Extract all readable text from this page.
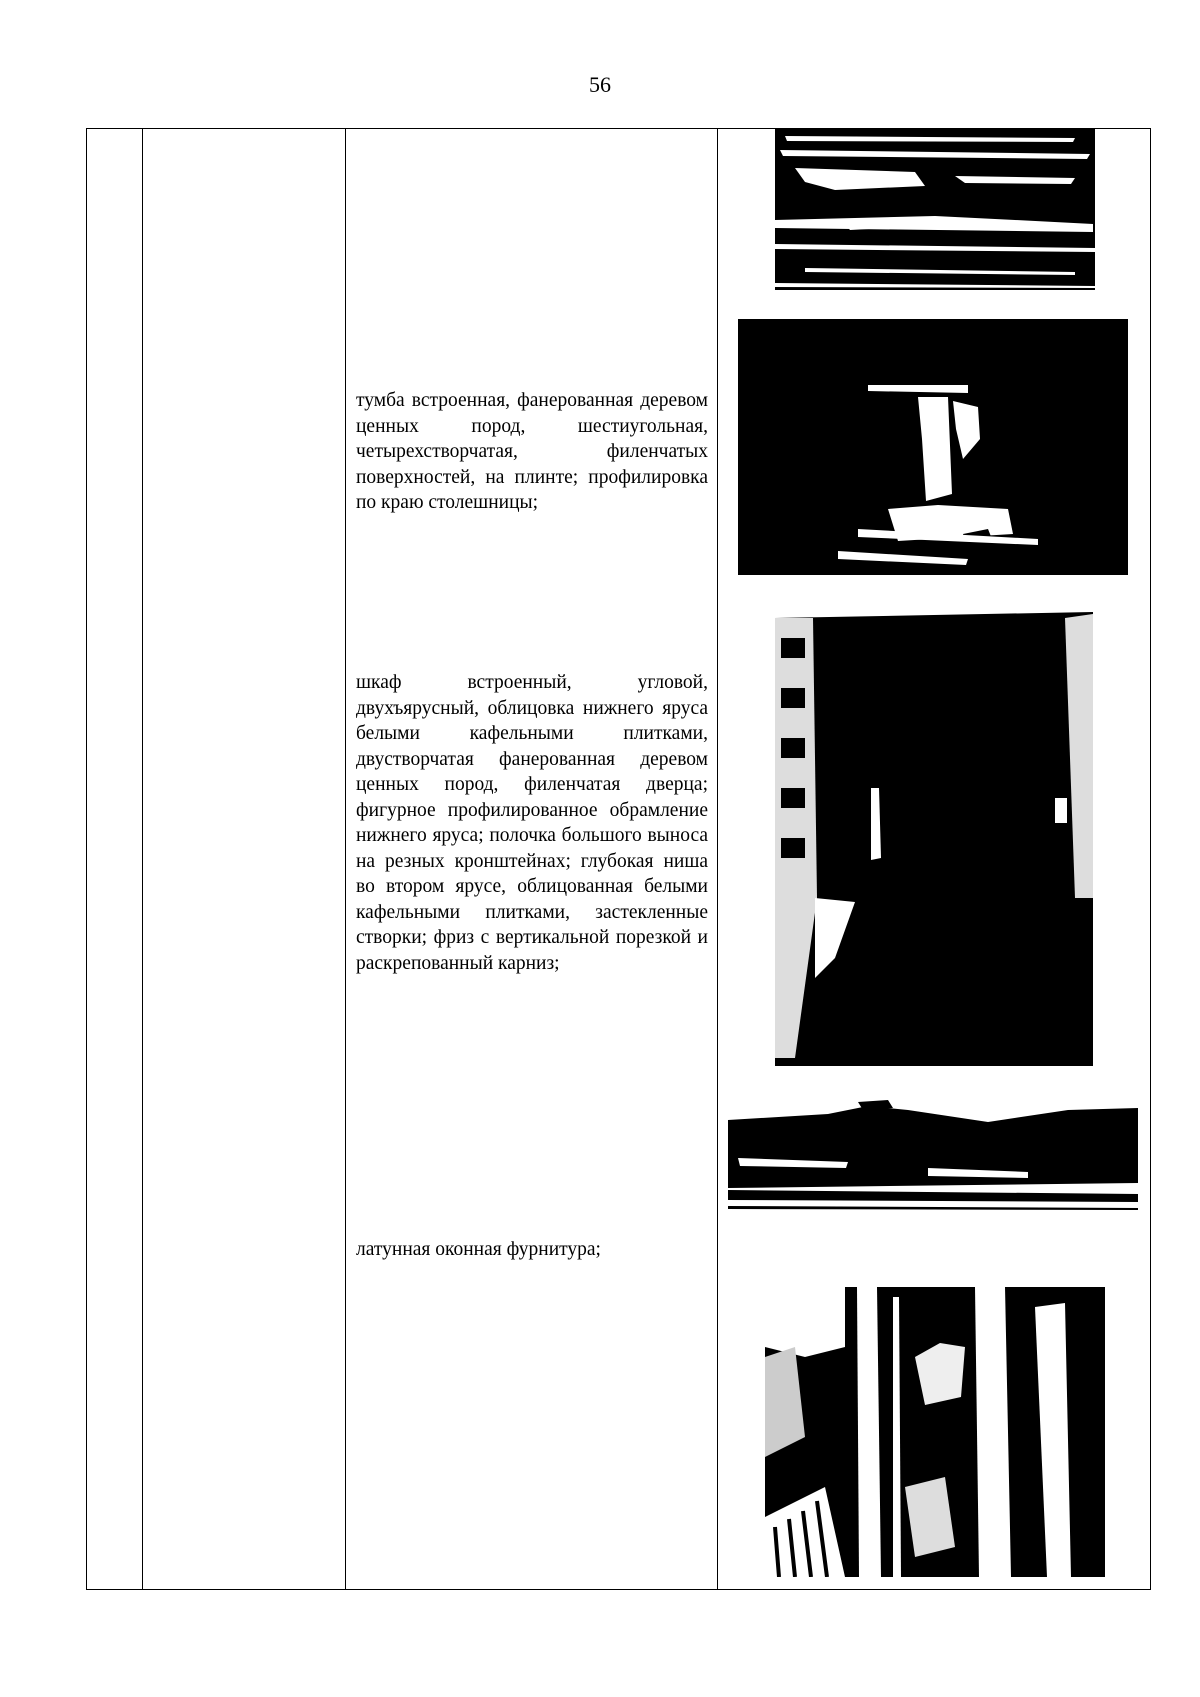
56
тумба встроенная, фанерованная деревом ценных пород, шестиугольная, четырехстворчатая, филенчатых поверхностей, на плинте; профилировка по краю столешницы;
шкаф встроенный, угловой, двухъярусный, облицовка нижнего яруса белыми кафельными плитками, двустворчатая фанерованная деревом ценных пород, филенчатая дверца; фигурное профилированное обрамление нижнего яруса; полочка большого выноса на резных кронштейнах; глубокая ниша во втором ярусе, облицованная белыми кафельными плитками, застекленные створки; фриз с вертикальной порезкой и раскрепованный карниз;
латунная оконная фурнитура;
